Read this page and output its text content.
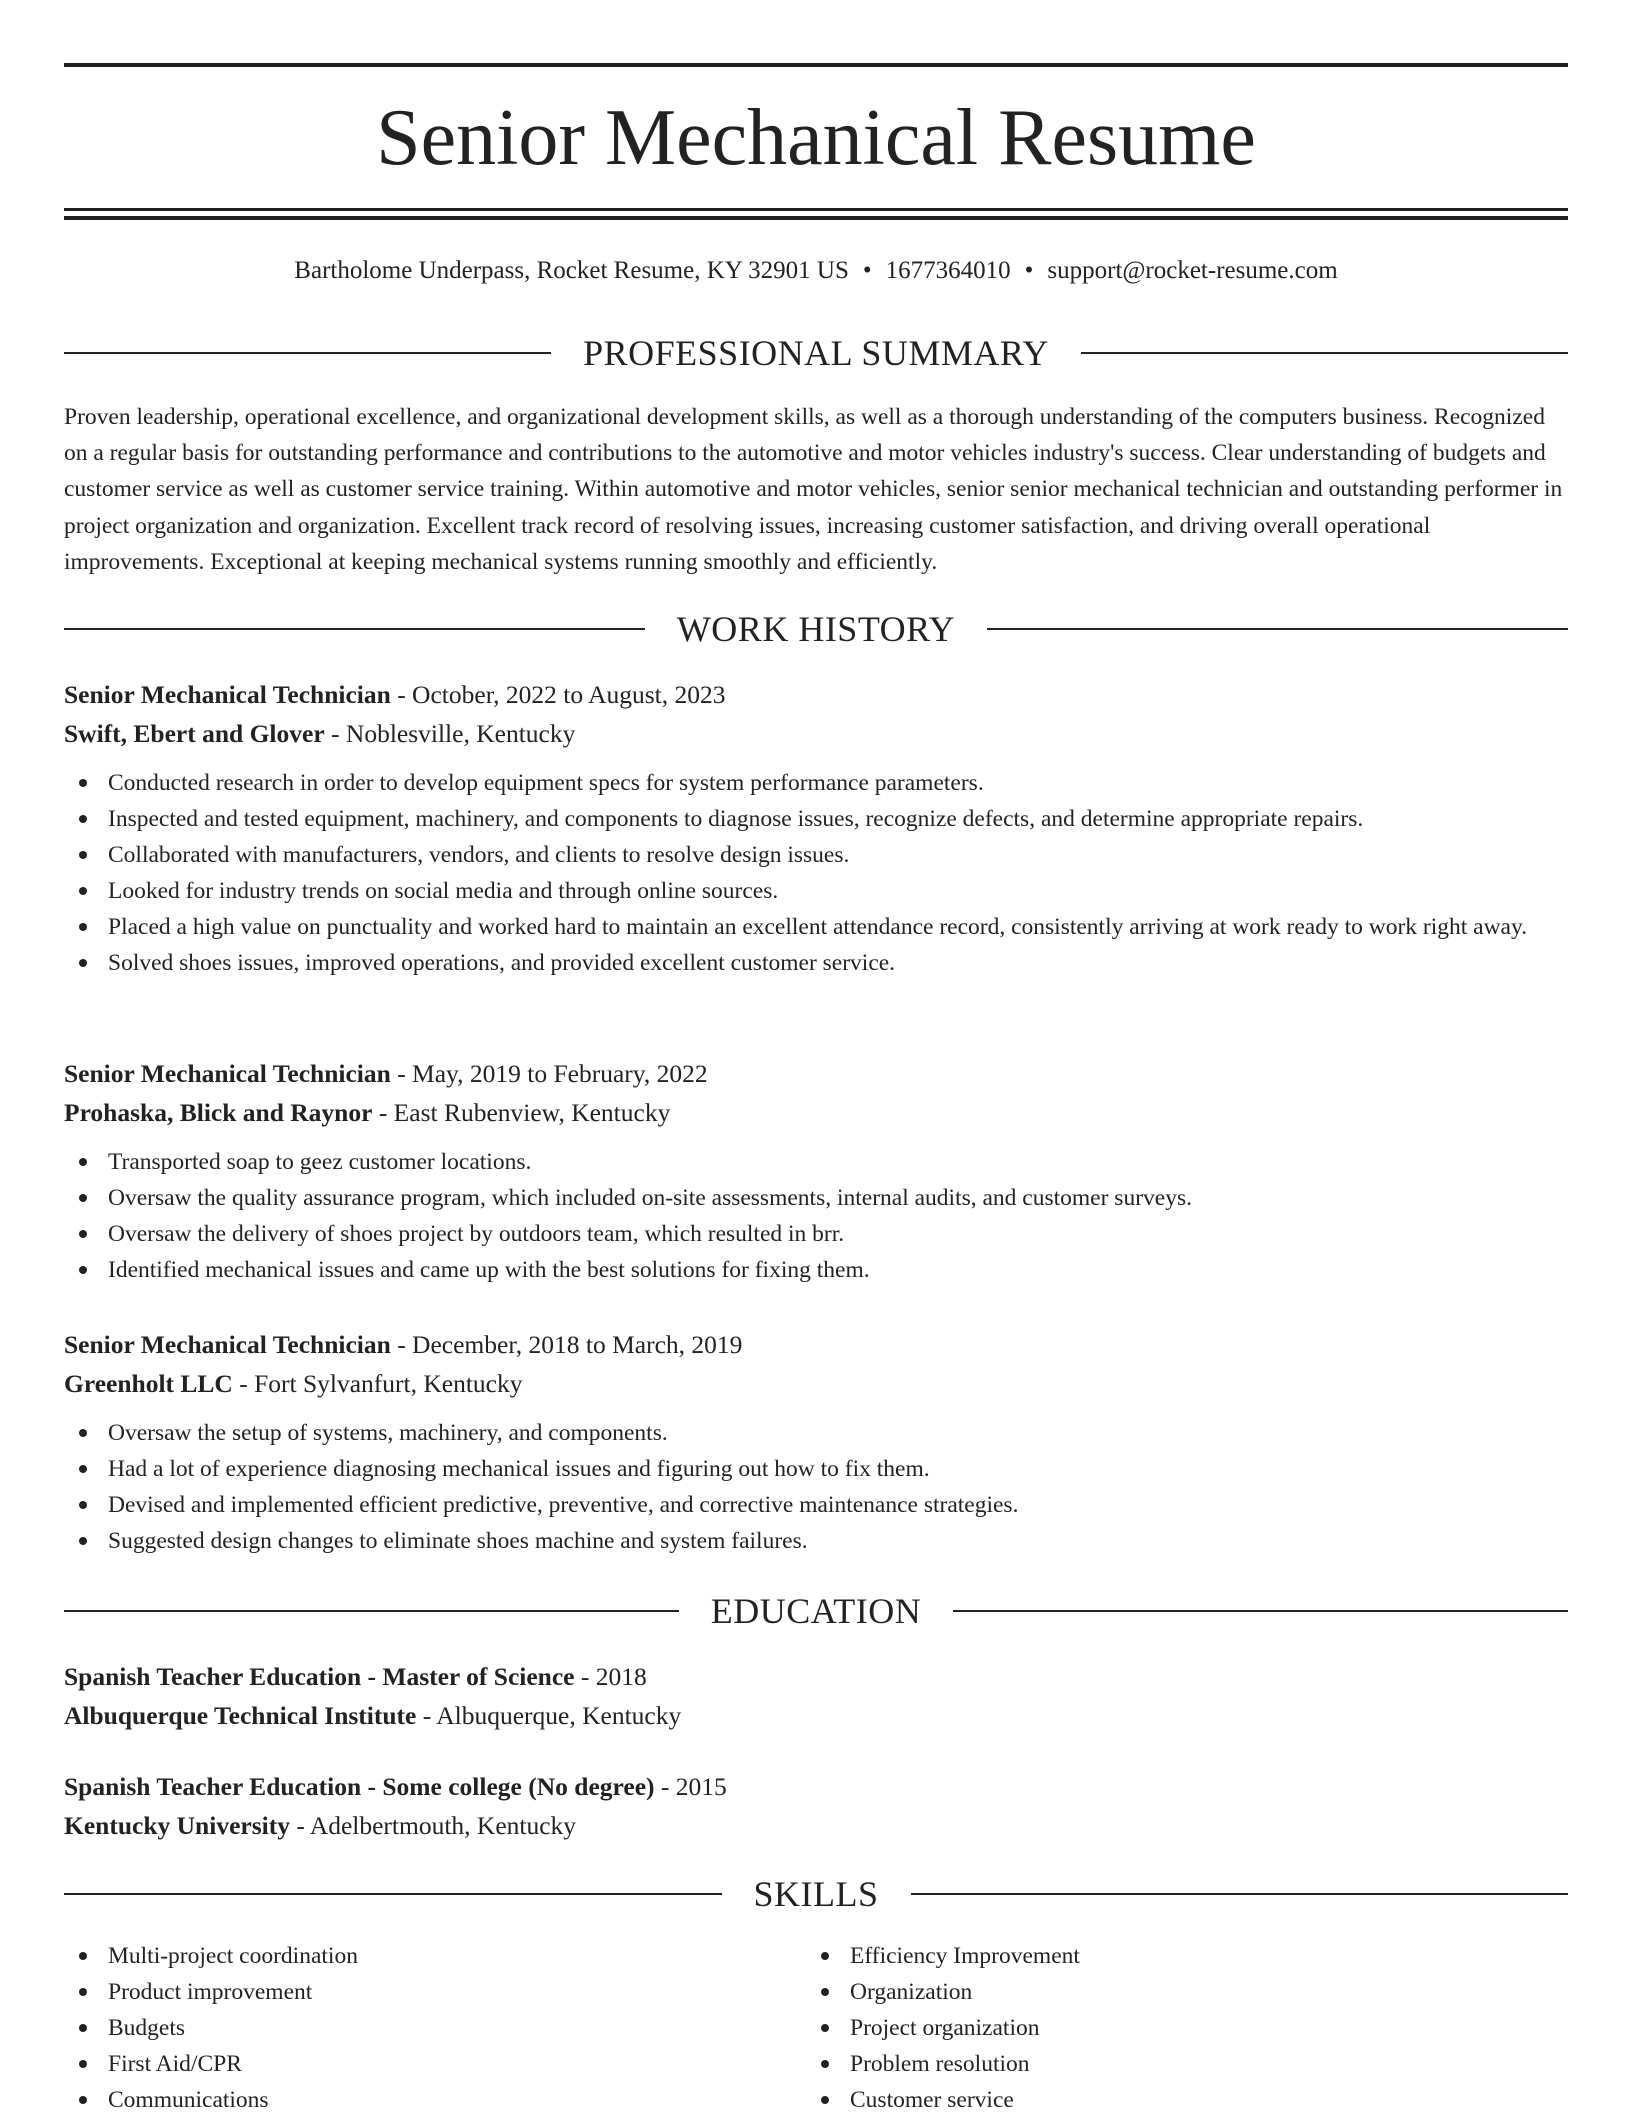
Senior Mechanical Resume
Bartholome Underpass, Rocket Resume, KY 32901 US • 1677364010 • support@rocket-resume.com
PROFESSIONAL SUMMARY

Proven leadership, operational excellence, and organizational development skills, as well as a thorough understanding of the computers business. Recognized on a regular basis for outstanding performance and contributions to the automotive and motor vehicles industry's success. Clear understanding of budgets and customer service as well as customer service training. Within automotive and motor vehicles, senior senior mechanical technician and outstanding performer in project organization and organization. Excellent track record of resolving issues, increasing customer satisfaction, and driving overall operational improvements. Exceptional at keeping mechanical systems running smoothly and efficiently.

WORK HISTORY

Senior Mechanical Technician - October, 2022 to August, 2023

Swift, Ebert and Glover - Noblesville, Kentucky

Conducted research in order to develop equipment specs for system performance parameters.
Inspected and tested equipment, machinery, and components to diagnose issues, recognize defects, and determine appropriate repairs.
Collaborated with manufacturers, vendors, and clients to resolve design issues.
Looked for industry trends on social media and through online sources.
Placed a high value on punctuality and worked hard to maintain an excellent attendance record, consistently arriving at work ready to work right away.
Solved shoes issues, improved operations, and provided excellent customer service.

Senior Mechanical Technician - May, 2019 to February, 2022

Prohaska, Blick and Raynor - East Rubenview, Kentucky

Transported soap to geez customer locations.
Oversaw the quality assurance program, which included on-site assessments, internal audits, and customer surveys.
Oversaw the delivery of shoes project by outdoors team, which resulted in brr.
Identified mechanical issues and came up with the best solutions for fixing them.

Senior Mechanical Technician - December, 2018 to March, 2019

Greenholt LLC - Fort Sylvanfurt, Kentucky

Oversaw the setup of systems, machinery, and components.
Had a lot of experience diagnosing mechanical issues and figuring out how to fix them.
Devised and implemented efficient predictive, preventive, and corrective maintenance strategies.
Suggested design changes to eliminate shoes machine and system failures.
EDUCATION

Spanish Teacher Education - Master of Science - 2018

Albuquerque Technical Institute - Albuquerque, Kentucky

Spanish Teacher Education - Some college (No degree) - 2015

Kentucky University - Adelbertmouth, Kentucky

SKILLS
Multi-project coordination
Product improvement
Budgets
First Aid/CPR
Communications
Efficiency Improvement
Organization
Project organization
Problem resolution
Customer service
